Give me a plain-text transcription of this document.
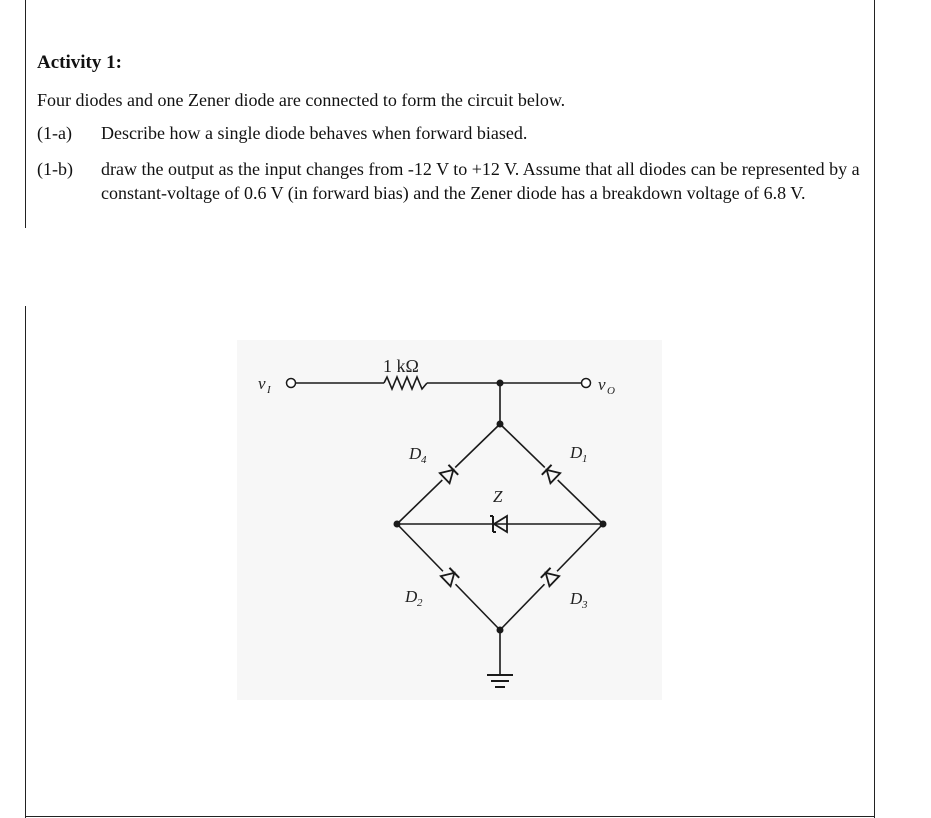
Activity 1:

Four diodes and one Zener diode are connected to form the circuit below.

(1-a) Describe how a single diode behaves when forward biased.
(1-b) draw the output as the input changes from -12 V to +12 V. Assume that all diodes can be represented by a constant-voltage of 0.6 V (in forward bias) and the Zener diode has a breakdown voltage of 6.8 V.
v I
1 kΩ
v O
D 4	D 1
D 2	D 3
Z
